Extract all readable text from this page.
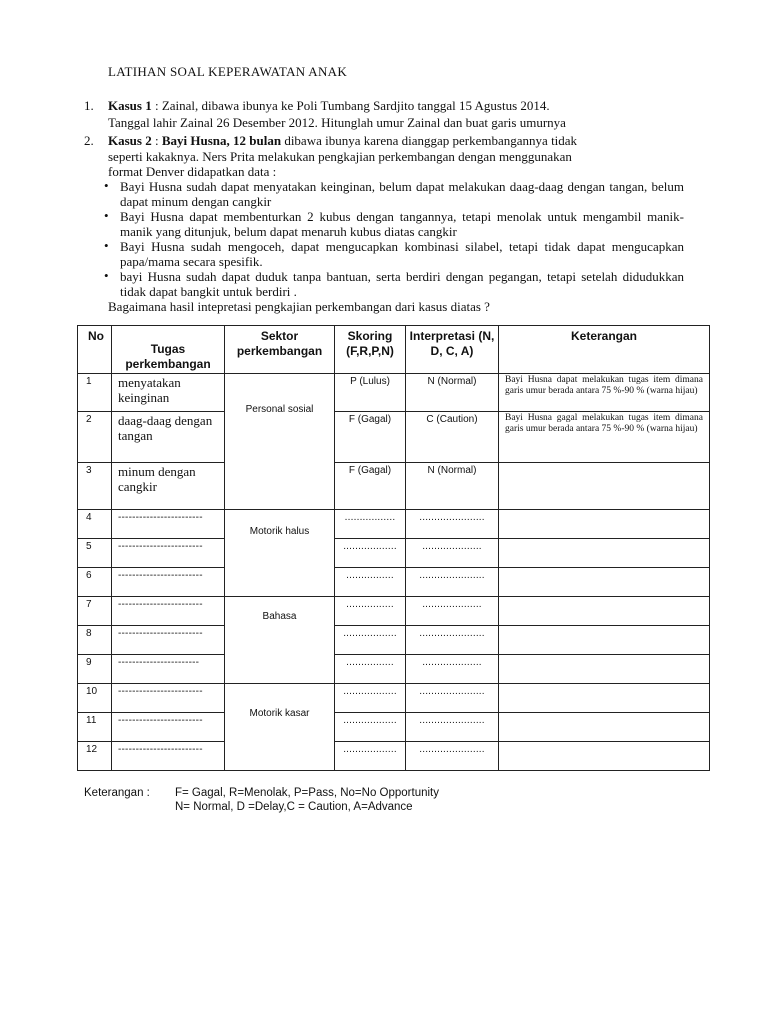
LATIHAN SOAL KEPERAWATAN ANAK
1. Kasus 1 : Zainal, dibawa ibunya ke Poli Tumbang Sardjito tanggal 15 Agustus 2014.
Tanggal lahir Zainal 26 Desember 2012. Hitunglah umur Zainal dan buat garis umurnya
2. Kasus 2 : Bayi Husna, 12 bulan dibawa ibunya karena dianggap perkembangannya tidak
seperti kakaknya. Ners Prita melakukan pengkajian perkembangan dengan menggunakan
format Denver didapatkan data :
• Bayi Husna sudah dapat menyatakan keinginan, belum dapat melakukan daag-daag dengan tangan, belum dapat minum dengan cangkir
• Bayi Husna dapat membenturkan 2 kubus dengan tangannya, tetapi menolak untuk mengambil manik-manik yang ditunjuk, belum dapat menaruh kubus diatas cangkir
• Bayi Husna sudah mengoceh, dapat mengucapkan kombinasi silabel, tetapi tidak dapat mengucapkan papa/mama secara spesifik.
• bayi Husna sudah dapat duduk tanpa bantuan, serta berdiri dengan pegangan, tetapi setelah didudukkan tidak dapat bangkit untuk berdiri .
Bagaimana hasil intepretasi pengkajian perkembangan dari kasus diatas ?
No	Tugas perkembangan	Sektor perkembangan	Skoring (F,R,P,N)	Interpretasi (N, D, C, A)	Keterangan
1	menyatakan keinginan	Personal sosial	P (Lulus)	N (Normal)	Bayi Husna dapat melakukan tugas item dimana garis umur berada antara 75 %-90 % (warna hijau)
2	daag-daag dengan tangan		F (Gagal)	C (Caution)	Bayi Husna gagal melakukan tugas item dimana garis umur berada antara 75 %-90 % (warna hijau)
3	minum dengan cangkir		F (Gagal)	N (Normal)	
4	------------------------	Motorik halus	.................	......................	
5	------------------------		..................	....................	
6	------------------------		................	......................	
7	------------------------	Bahasa	................	....................	
8	------------------------		..................	......................	
9	-----------------------		................	....................	
10	------------------------	Motorik kasar	..................	......................	
11	------------------------		..................	......................	
12	------------------------		..................	......................	
Keterangan : F= Gagal, R=Menolak, P=Pass, No=No Opportunity
N= Normal, D =Delay,C = Caution, A=Advance
